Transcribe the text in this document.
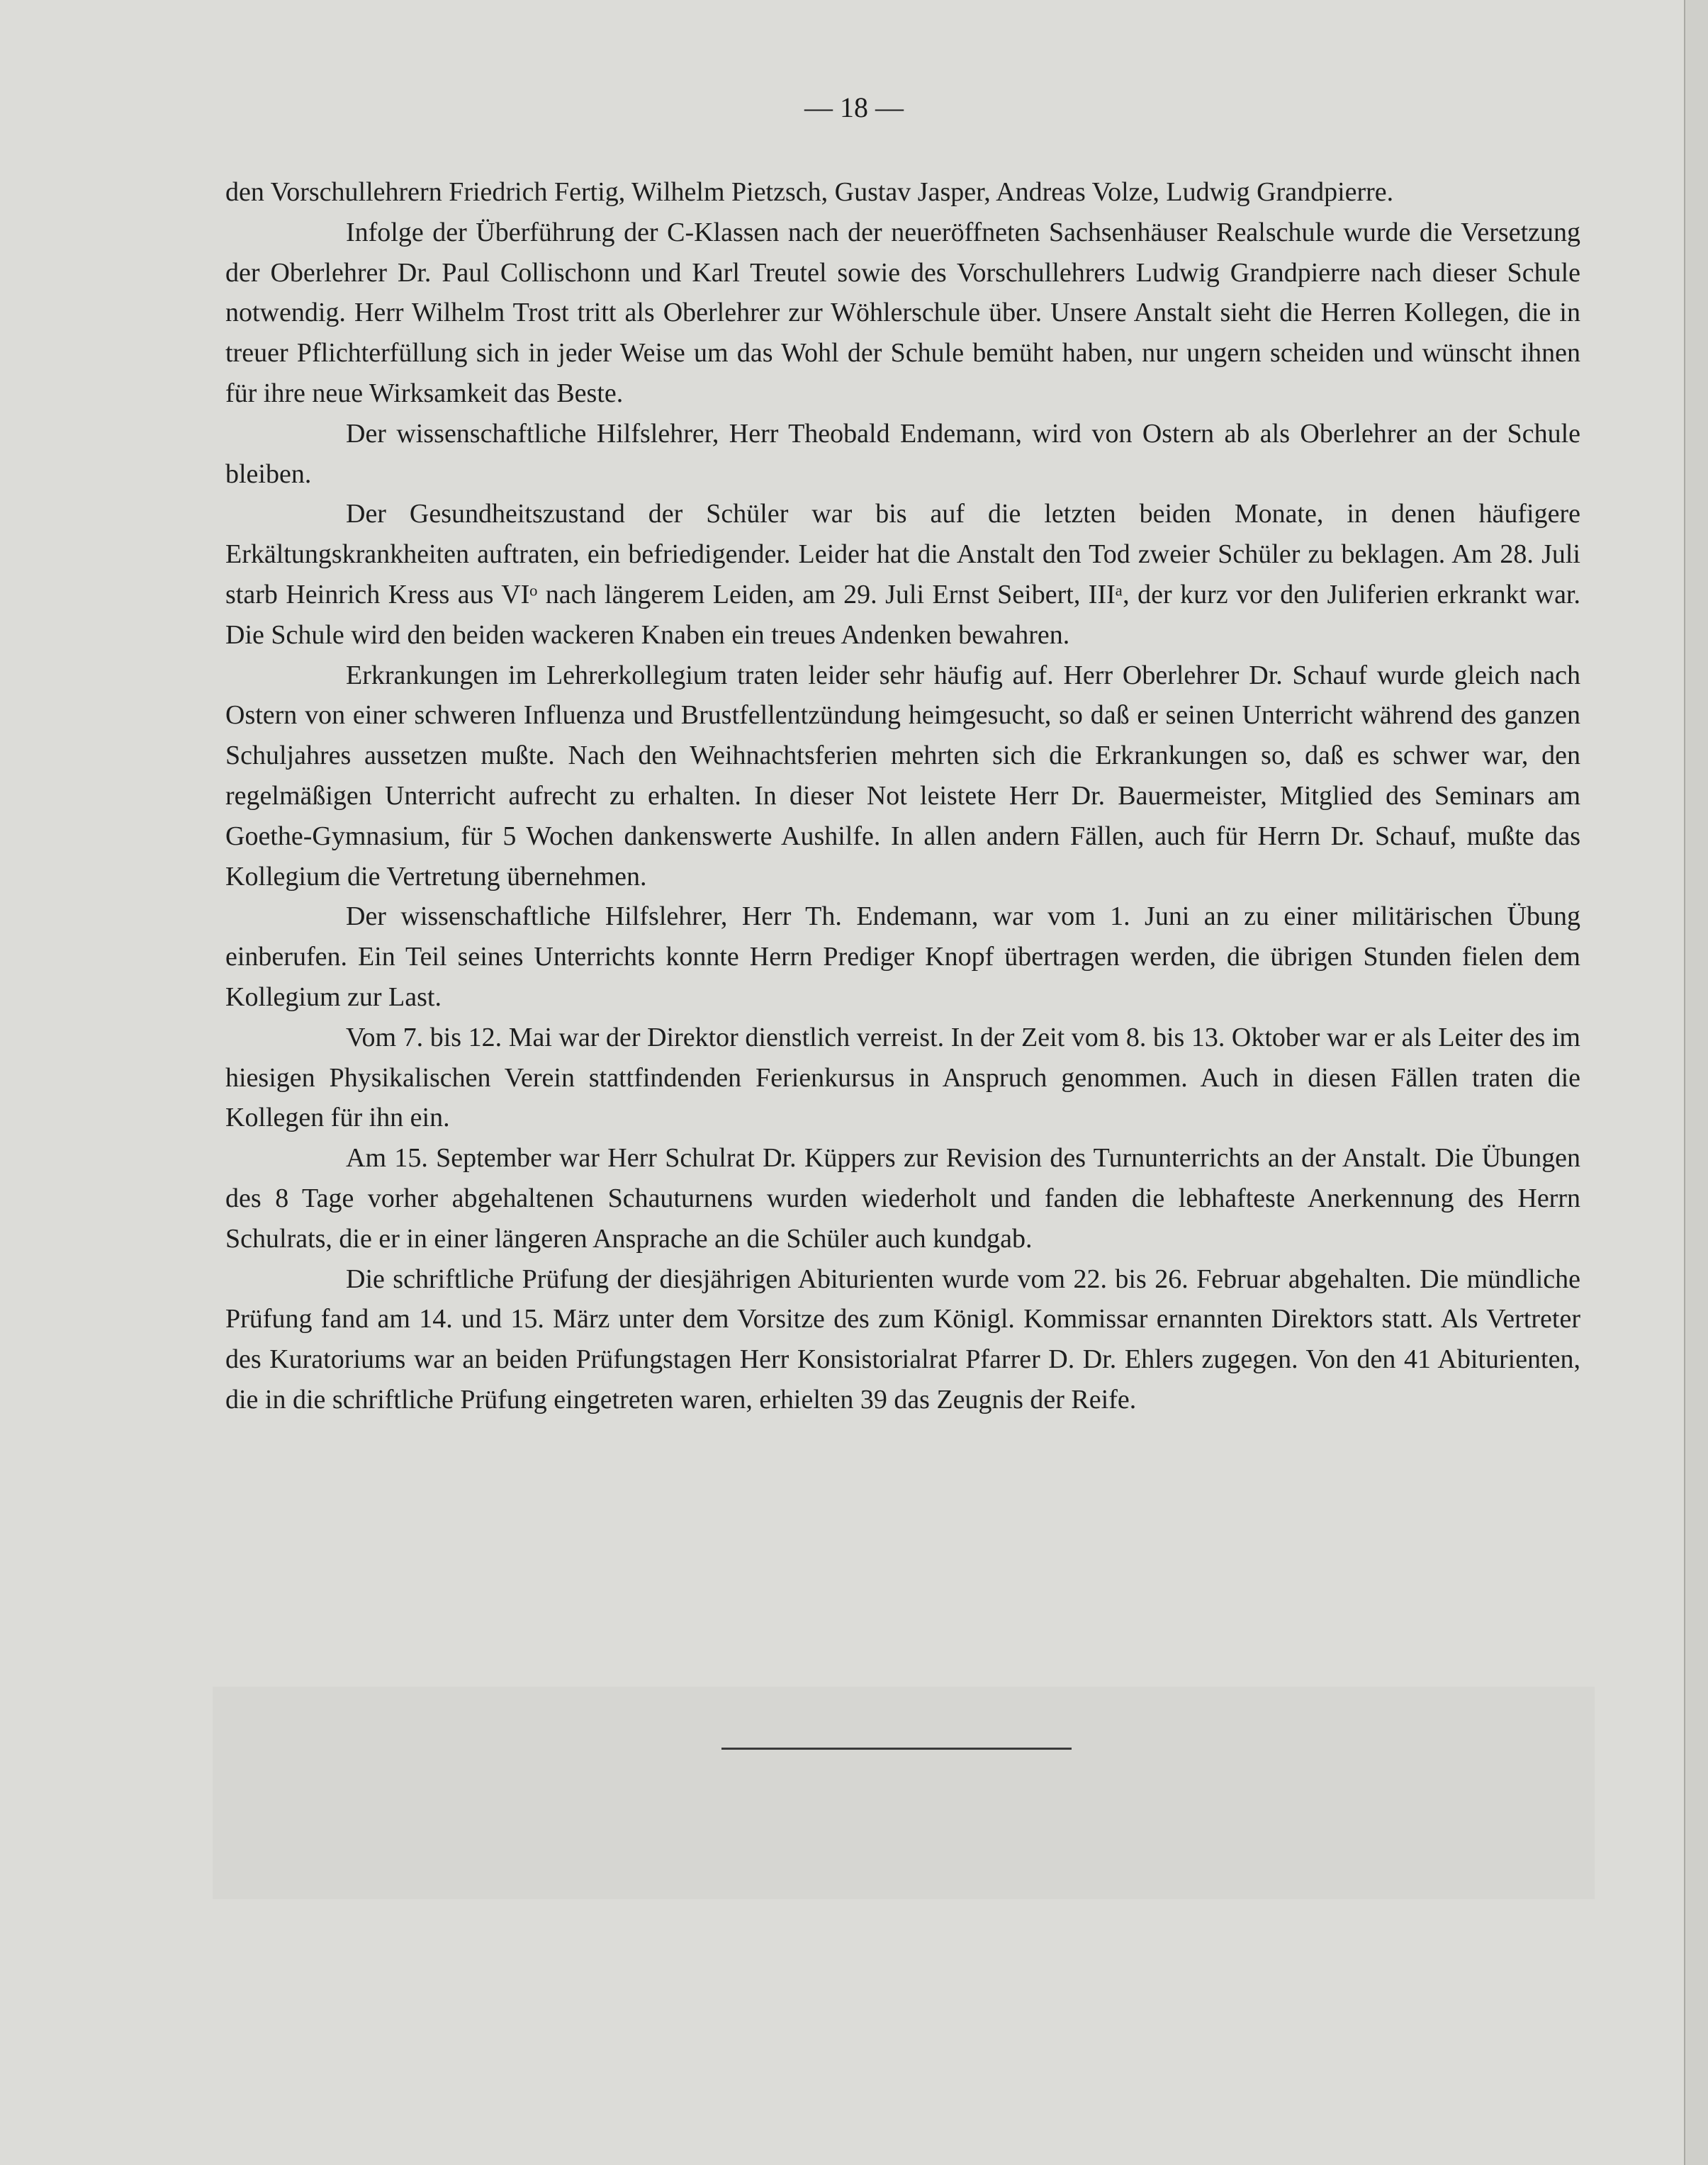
— 18 —

den Vorschullehrern Friedrich Fertig, Wilhelm Pietzsch, Gustav Jasper, Andreas Volze, Ludwig Grandpierre.

Infolge der Überführung der C-Klassen nach der neueröffneten Sachsenhäuser Realschule wurde die Versetzung der Oberlehrer Dr. Paul Collischonn und Karl Treutel sowie des Vorschullehrers Ludwig Grandpierre nach dieser Schule notwendig. Herr Wilhelm Trost tritt als Oberlehrer zur Wöhlerschule über. Unsere Anstalt sieht die Herren Kollegen, die in treuer Pflichterfüllung sich in jeder Weise um das Wohl der Schule bemüht haben, nur ungern scheiden und wünscht ihnen für ihre neue Wirksamkeit das Beste.

Der wissenschaftliche Hilfslehrer, Herr Theobald Endemann, wird von Ostern ab als Oberlehrer an der Schule bleiben.

Der Gesundheitszustand der Schüler war bis auf die letzten beiden Monate, in denen häufigere Erkältungskrankheiten auftraten, ein befriedigender. Leider hat die Anstalt den Tod zweier Schüler zu beklagen. Am 28. Juli starb Heinrich Kress aus VIᵒ nach längerem Leiden, am 29. Juli Ernst Seibert, IIIᵃ, der kurz vor den Juliferien erkrankt war. Die Schule wird den beiden wackeren Knaben ein treues Andenken bewahren.

Erkrankungen im Lehrerkollegium traten leider sehr häufig auf. Herr Oberlehrer Dr. Schauf wurde gleich nach Ostern von einer schweren Influenza und Brustfellentzündung heimgesucht, so daß er seinen Unterricht während des ganzen Schuljahres aussetzen mußte. Nach den Weihnachtsferien mehrten sich die Erkrankungen so, daß es schwer war, den regelmäßigen Unterricht aufrecht zu erhalten. In dieser Not leistete Herr Dr. Bauermeister, Mitglied des Seminars am Goethe-Gymnasium, für 5 Wochen dankenswerte Aushilfe. In allen andern Fällen, auch für Herrn Dr. Schauf, mußte das Kollegium die Vertretung übernehmen.

Der wissenschaftliche Hilfslehrer, Herr Th. Endemann, war vom 1. Juni an zu einer militärischen Übung einberufen. Ein Teil seines Unterrichts konnte Herrn Prediger Knopf übertragen werden, die übrigen Stunden fielen dem Kollegium zur Last.

Vom 7. bis 12. Mai war der Direktor dienstlich verreist. In der Zeit vom 8. bis 13. Oktober war er als Leiter des im hiesigen Physikalischen Verein stattfindenden Ferienkursus in Anspruch genommen. Auch in diesen Fällen traten die Kollegen für ihn ein.

Am 15. September war Herr Schulrat Dr. Küppers zur Revision des Turnunterrichts an der Anstalt. Die Übungen des 8 Tage vorher abgehaltenen Schauturnens wurden wiederholt und fanden die lebhafteste Anerkennung des Herrn Schulrats, die er in einer längeren Ansprache an die Schüler auch kundgab.

Die schriftliche Prüfung der diesjährigen Abiturienten wurde vom 22. bis 26. Februar abgehalten. Die mündliche Prüfung fand am 14. und 15. März unter dem Vorsitze des zum Königl. Kommissar ernannten Direktors statt. Als Vertreter des Kuratoriums war an beiden Prüfungstagen Herr Konsistorialrat Pfarrer D. Dr. Ehlers zugegen. Von den 41 Abiturienten, die in die schriftliche Prüfung eingetreten waren, erhielten 39 das Zeugnis der Reife.
